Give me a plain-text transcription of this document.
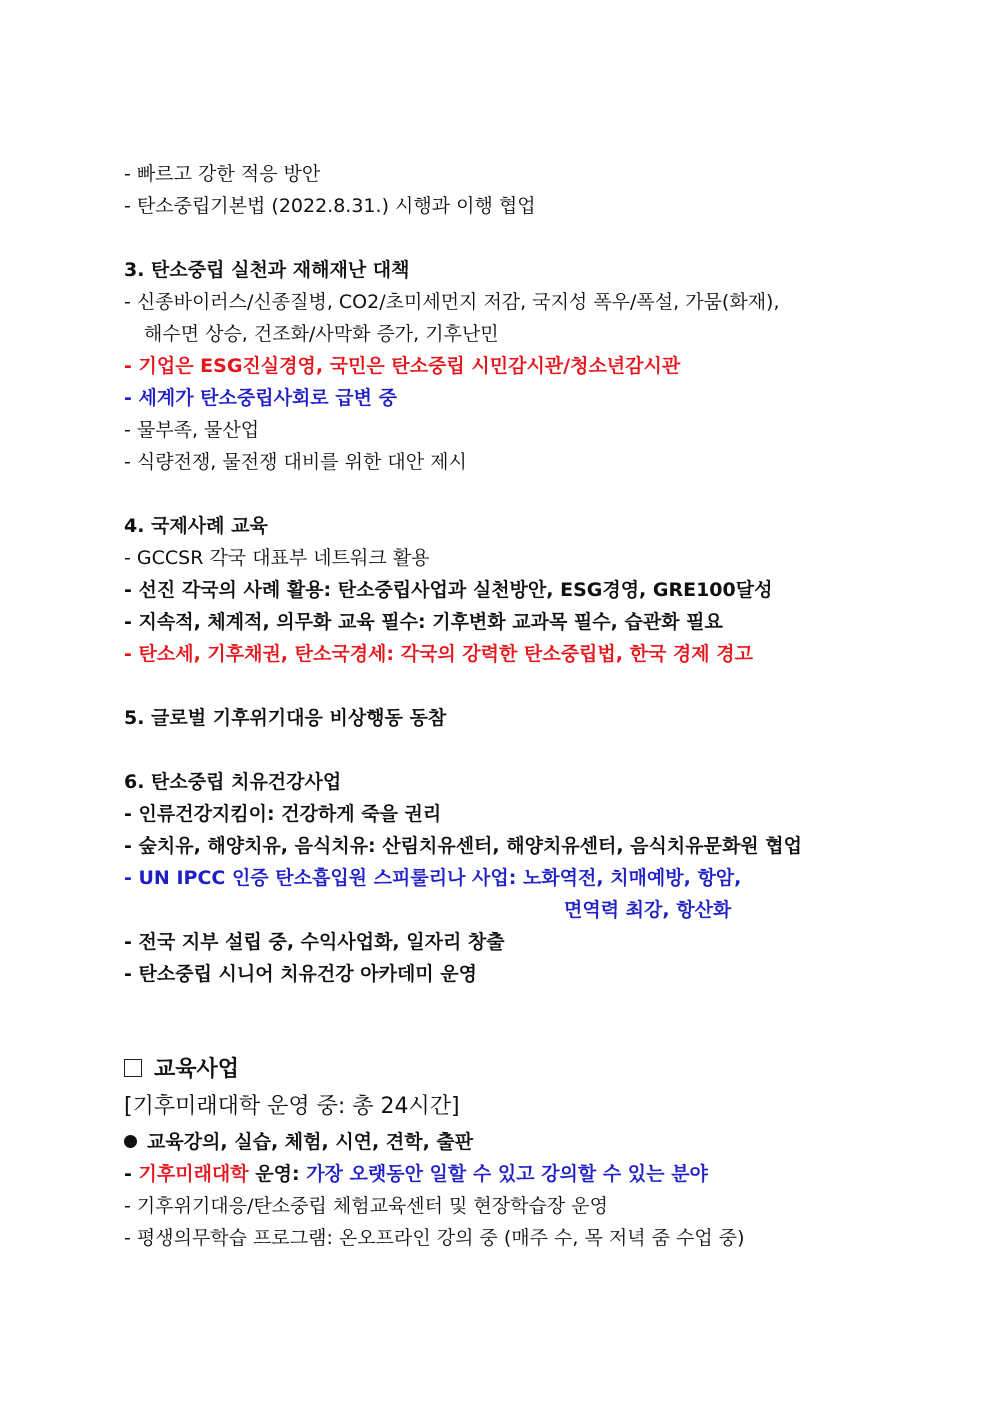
- 빠르고 강한 적응 방안
- 탄소중립기본법 (2022.8.31.) 시행과 이행 협업
3. 탄소중립 실천과 재해재난 대책
- 신종바이러스/신종질병, CO2/초미세먼지 저감, 국지성 폭우/폭설, 가뭄(화재),
해수면 상승, 건조화/사막화 증가, 기후난민
- 기업은 ESG진실경영, 국민은 탄소중립 시민감시관/청소년감시관
- 세계가 탄소중립사회로 급변 중
- 물부족, 물산업
- 식량전쟁, 물전쟁 대비를 위한 대안 제시
4. 국제사례 교육
- GCCSR 각국 대표부 네트워크 활용
- 선진 각국의 사례 활용: 탄소중립사업과 실천방안, ESG경영, GRE100달성
- 지속적, 체계적, 의무화 교육 필수: 기후변화 교과목 필수, 습관화 필요
- 탄소세, 기후채권, 탄소국경세: 각국의 강력한 탄소중립법, 한국 경제 경고
5. 글로벌 기후위기대응 비상행동 동참
6. 탄소중립 치유건강사업
- 인류건강지킴이: 건강하게 죽을 권리
- 숲치유, 해양치유, 음식치유: 산림치유센터, 해양치유센터, 음식치유문화원 협업
- UN IPCC 인증 탄소흡입원 스피룰리나 사업: 노화역전, 치매예방, 항암,
면역력 최강, 항산화
- 전국 지부 설립 중, 수익사업화, 일자리 창출
- 탄소중립 시니어 치유건강 아카데미 운영
교육사업
[기후미래대학 운영 중: 총 24시간]
교육강의, 실습, 체험, 시연, 견학, 출판
- 기후미래대학 운영: 가장 오랫동안 일할 수 있고 강의할 수 있는 분야
- 기후위기대응/탄소중립 체험교육센터 및 현장학습장 운영
- 평생의무학습 프로그램: 온오프라인 강의 중 (매주 수, 목 저녁 줌 수업 중)
